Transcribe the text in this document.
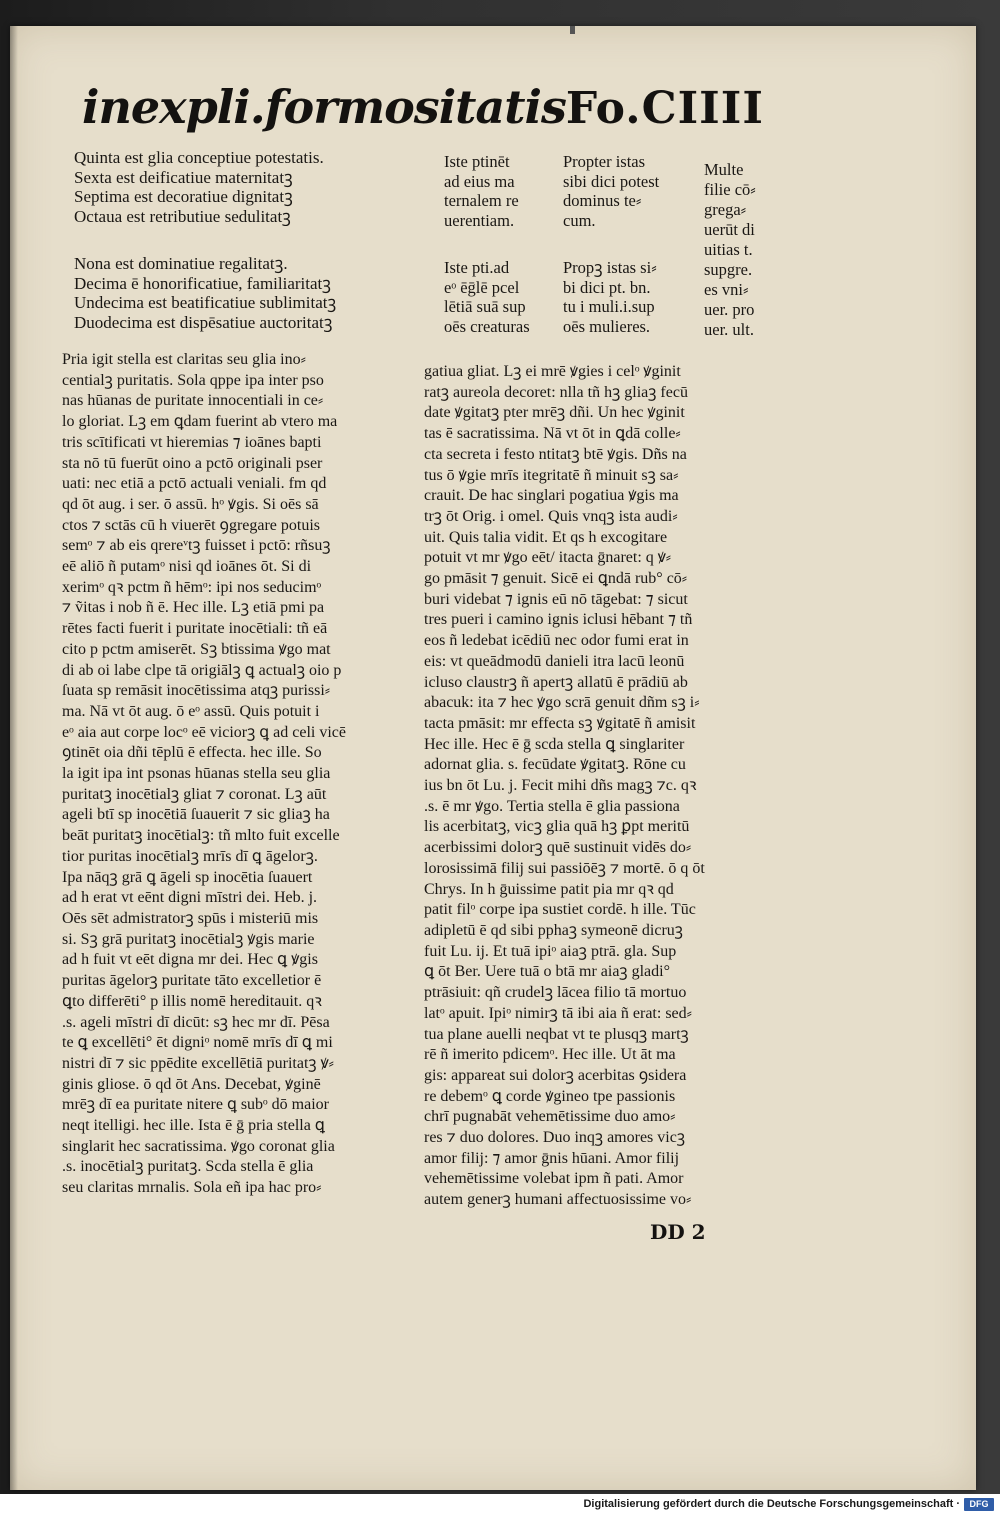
inexpli.formositatis Fo.CIIII
Quinta est glia conceptiue potestatis.
Sexta est deificatiue maternitatꝫ
Septima est decoratiue dignitatꝫ
Octaua est retributiue sedulitatꝫ
Nona est dominatiue regalitatꝫ.
Decima ē honorificatiue, familiaritatꝫ
Undecima est beatificatiue sublimitatꝫ
Duodecima est dispēsatiue auctoritatꝫ
Iste ptinēt
ad eius ma
ternalem re
uerentiam.
Propter istas
sibi dici potest
dominus te⸗
cum.
Multe
filie cō⸗
grega⸗
uerūt di
uitias t.
supgre.
es vni⸗
uer. pro
uer. ult.
Iste pti.ad
eᵒ ēḡlē pcel
lētiā suā sup
oēs creaturas
Propꝫ istas si⸗
bi dici pt. bn.
tu i muli.i.sup
oēs mulieres.
Pria igit stella est claritas seu glia ino⸗
centialꝫ puritatis. Sola qppe ipa inter pso
nas hūanas de puritate innocentiali in ce⸗
lo gloriat. Lꝫ em ꝗdam fuerint ab vtero ma
tris scītificati vt hieremias ⁊ ioānes bapti
sta nō tū fuerūt oino a pctō originali pser
uati: nec etiā a pctō actuali veniali. fm qd
qd ōt aug. i ser. ō assū. hᵒ ꝟgis. Si oēs sā
ctos ⁊ sctās cū h viuerēt ꝯgregare potuis
semᵒ ⁊ ab eis qrereᵛtꝫ fuisset i pctō: rñsuꝫ
eē aliō ñ putamᵒ nisi qd ioānes ōt. Si di
xerimᵒ qꝛ pctm ñ hēmᵒ: ipi nos seducimᵒ
⁊ ṽitas i nob ñ ē. Hec ille. Lꝫ etiā pmi pa
rētes facti fuerit i puritate inocētiali: tñ eā
cito p pctm amiserēt. Sꝫ btissima ꝟgo mat
di ab oi labe clpe tā origiālꝫ ꝗ actualꝫ oio p
ſuata sp remāsit inocētissima atqꝫ purissi⸗
ma. Nā vt ōt aug. ō eᵒ assū. Quis potuit i
eᵒ aia aut corpe locᵒ eē viciorꝫ ꝗ ad celi vicē
ꝯtinēt oia dñi tēplū ē effecta. hec ille. So
la igit ipa int psonas hūanas stella seu glia
puritatꝫ inocētialꝫ gliat ⁊ coronat. Lꝫ aūt
ageli btī sp inocētiā ſuauerit ⁊ sic gliaꝫ ha
beāt puritatꝫ inocētialꝫ: tñ mlto fuit excelle
tior puritas inocētialꝫ mrīs dī ꝗ āgelorꝫ.
Ipa nāqꝫ grā ꝗ āgeli sp inocētia ſuauert
ad h erat vt eēnt digni mīstri dei. Heb. j.
Oēs sēt admistratorꝫ spūs i misteriū mis
si. Sꝫ grā puritatꝫ inocētialꝫ ꝟgis marie
ad h fuit vt eēt digna mr dei. Hec ꝗ ꝟgis
puritas āgelorꝫ puritate tāto excelletior ē
ꝗto differēti° p illis nomē hereditauit. qꝛ
.s. ageli mīstri dī dicūt: sꝫ hec mr dī. Pēsa
te ꝗ excellēti° ēt digniᵒ nomē mrīs dī ꝗ mi
nistri dī ⁊ sic ppēdite excellētiā puritatꝫ ꝟ⸗
ginis gliose. ō qd ōt Ans. Decebat, ꝟginē
mrēꝫ dī ea puritate nitere ꝗ subᵒ dō maior
neqt itelligi. hec ille. Ista ē ḡ pria stella ꝗ
singlarit hec sacratissima. ꝟgo coronat glia
.s. inocētialꝫ puritatꝫ. Scda stella ē glia
seu claritas mrnalis. Sola eñ ipa hac pro⸗
gatiua gliat. Lꝫ ei mrē ꝟgies i celᵒ ꝟginit
ratꝫ aureola decoret: nlla tñ hꝫ gliaꝫ fecū
date ꝟgitatꝫ pter mrēꝫ dñi. Un hec ꝟginit
tas ē sacratissima. Nā vt ōt in ꝗdā colle⸗
cta secreta i festo ntitatꝫ btē ꝟgis. Dñs na
tus ō ꝟgie mrīs itegritatē ñ minuit sꝫ sa⸗
crauit. De hac singlari pogatiua ꝟgis ma
trꝫ ōt Orig. i omel. Quis vnqꝫ ista audi⸗
uit. Quis talia vidit. Et qs h excogitare
potuit vt mr ꝟgo eēt/ itacta ḡnaret: q ꝟ⸗
go pmāsit ⁊ genuit. Sicē ei ꝗndā rub° cō⸗
buri videbat ⁊ ignis eū nō tāgebat: ⁊ sicut
tres pueri i camino ignis iclusi hēbant ⁊ tñ
eos ñ ledebat icēdiū nec odor fumi erat in
eis: vt queādmodū danieli itra lacū leonū
icluso claustrꝫ ñ apertꝫ allatū ē prādiū ab
abacuk: ita ⁊ hec ꝟgo scrā genuit dñm sꝫ i⸗
tacta pmāsit: mr effecta sꝫ ꝟgitatē ñ amisit
Hec ille. Hec ē ḡ scda stella ꝗ singlariter
adornat glia. s. fecūdate ꝟgitatꝫ. Rōne cu
ius bn ōt Lu. j. Fecit mihi dñs magꝫ ⁊c. qꝛ
.s. ē mr ꝟgo. Tertia stella ē glia passiona
lis acerbitatꝫ, vicꝫ glia quā hꝫ ꝑpt meritū
acerbissimi dolorꝫ quē sustinuit vidēs do⸗
lorosissimā filij sui passiōēꝫ ⁊ mortē. ō q ōt
Chrys. In h ḡuissime patit pia mr qꝛ qd
patit filᵒ corpe ipa sustiet cordē. h ille. Tūc
adipletū ē qd sibi pphaꝫ symeonē dicruꝫ
fuit Lu. ij. Et tuā ipiᵒ aiaꝫ ptrā. gla. Sup
ꝗ ōt Ber. Uere tuā o btā mr aiaꝫ gladi°
ptrāsiuit: qñ crudelꝫ lācea filio tā mortuo
latᵒ apuit. Ipiᵒ nimirꝫ tā ibi aia ñ erat: sed⸗
tua plane auelli neqbat vt te plusqꝫ martꝫ
rē ñ imerito pdicemᵒ. Hec ille. Ut āt ma
gis: appareat sui dolorꝫ acerbitas ꝯsidera
re debemᵒ ꝗ corde ꝟgineo tpe passionis
chrī pugnabāt vehemētissime duo amo⸗
res ⁊ duo dolores. Duo inqꝫ amores vicꝫ
amor filij: ⁊ amor ḡnis hūani. Amor filij
vehemētissime volebat ipm ñ pati. Amor
autem generꝫ humani affectuosissime vo⸗
DD 2
Digitalisierung gefördert durch die Deutsche Forschungsgemeinschaft ·	DFG
